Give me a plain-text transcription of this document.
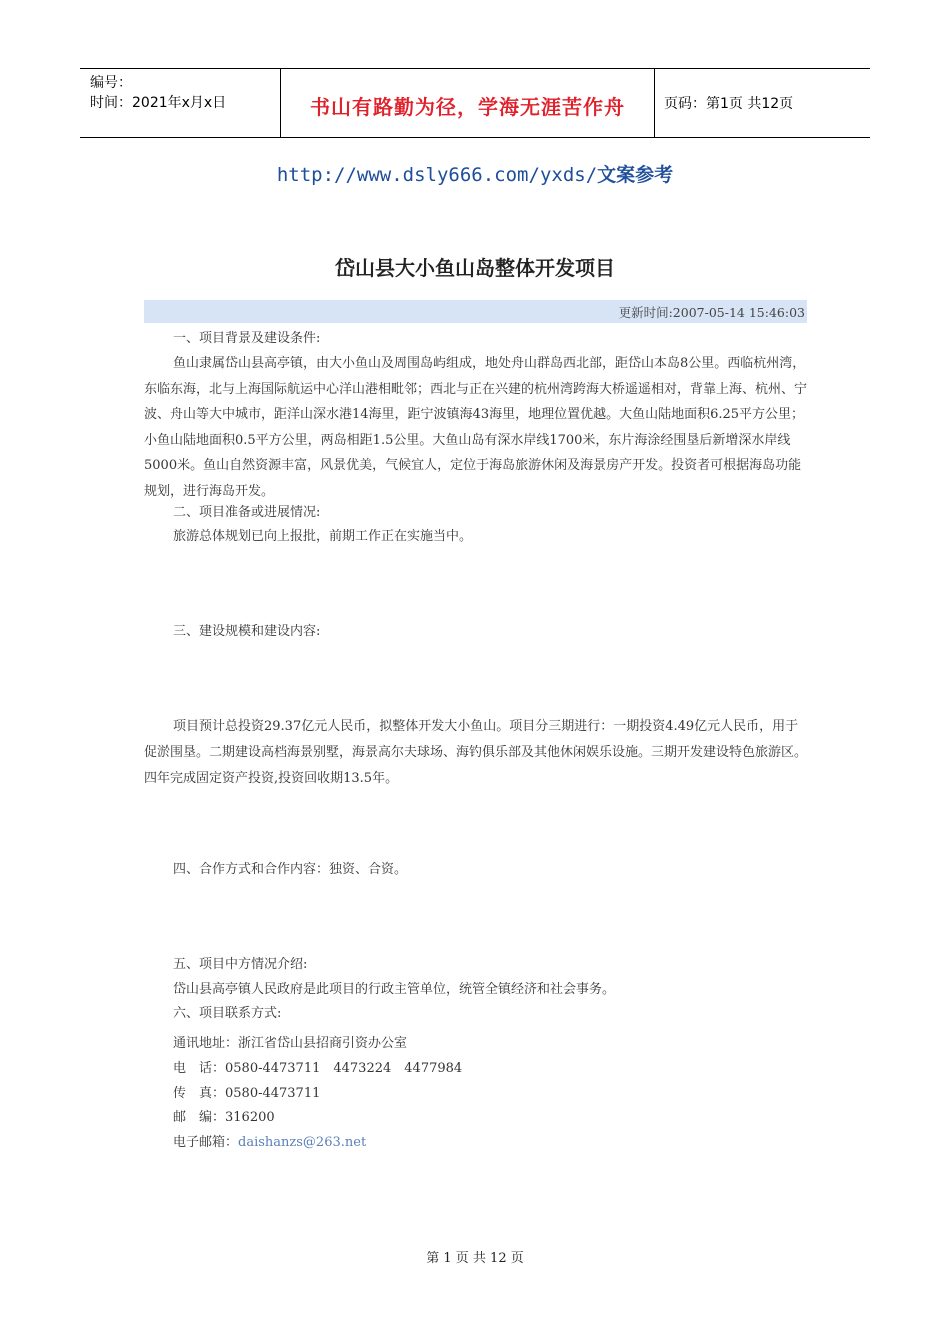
编号：
时间：2021年x月x日	书山有路勤为径，学海无涯苦作舟	页码：第1页 共12页
http://www.dsly666.com/yxds/文案参考
岱山县大小鱼山岛整体开发项目
更新时间:2007-05-14 15:46:03
一、项目背景及建设条件:
鱼山隶属岱山县高亭镇，由大小鱼山及周围岛屿组成，地处舟山群岛西北部，距岱山本岛8公里。西临杭州湾，东临东海，北与上海国际航运中心洋山港相毗邻；西北与正在兴建的杭州湾跨海大桥遥遥相对，背靠上海、杭州、宁波、舟山等大中城市，距洋山深水港14海里，距宁波镇海43海里，地理位置优越。大鱼山陆地面积6.25平方公里；小鱼山陆地面积0.5平方公里，两岛相距1.5公里。大鱼山岛有深水岸线1700米，东片海涂经围垦后新增深水岸线5000米。鱼山自然资源丰富，风景优美，气候宜人，定位于海岛旅游休闲及海景房产开发。投资者可根据海岛功能规划，进行海岛开发。
二、项目准备或进展情况:
旅游总体规划已向上报批，前期工作正在实施当中。
三、建设规模和建设内容:
项目预计总投资29.37亿元人民币，拟整体开发大小鱼山。项目分三期进行：一期投资4.49亿元人民币，用于促淤围垦。二期建设高档海景别墅，海景高尔夫球场、海钓俱乐部及其他休闲娱乐设施。三期开发建设特色旅游区。四年完成固定资产投资,投资回收期13.5年。
四、合作方式和合作内容：独资、合资。
五、项目中方情况介绍:
岱山县高亭镇人民政府是此项目的行政主管单位，统管全镇经济和社会事务。
六、项目联系方式:
通讯地址：浙江省岱山县招商引资办公室
电　话：0580-4473711　4473224　4477984
传　真：0580-4473711
邮　编：316200
电子邮箱：daishanzs@263.net
第 1 页 共 12 页
